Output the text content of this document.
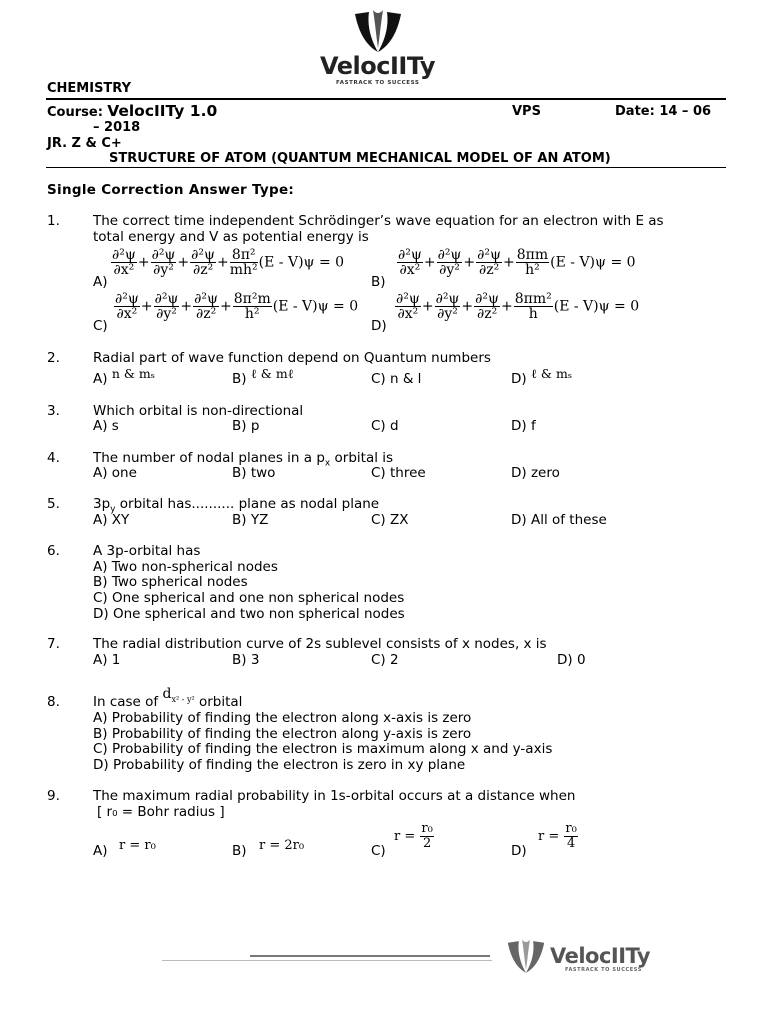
VelocIITy
FASTRACK TO SUCCESS
CHEMISTRY
Course: VelocIITy 1.0	VPS	Date: 14 – 06
– 2018
JR. Z & C+
STRUCTURE OF ATOM (QUANTUM MECHANICAL MODEL OF AN ATOM)
Single Correction Answer Type:
1. The correct time independent Schrödinger’s wave equation for an electron with E as
total energy and V as potential energy is
A)
$\frac{\text{∂²ψ}}{\text{∂x²}} + \frac{\text{∂²ψ}}{\text{∂y²}} + \frac{\text{∂²ψ}}{\text{∂z²}} + \frac{\text{8π²}}{\text{mh²}} (E - V)\psi = 0$
B)
$\frac{\text{∂²ψ}}{\text{∂x²}} + \frac{\text{∂²ψ}}{\text{∂y²}} + \frac{\text{∂²ψ}}{\text{∂z²}} + \frac{8\pi m}{\text{h²}} (E - V)\psi = 0$
C)
$\frac{\text{∂²ψ}}{\text{∂x²}} + \frac{\text{∂²ψ}}{\text{∂y²}} + \frac{\text{∂²ψ}}{\text{∂z²}} + \frac{\text{8π²m}}{\text{h²}} (E - V)\psi = 0$
D)
$\frac{\text{∂²ψ}}{\text{∂x²}} + \frac{\text{∂²ψ}}{\text{∂y²}} + \frac{\text{∂²ψ}}{\text{∂z²}} + \frac{\text{8πm²}}{h} (E - V)\psi = 0$
2. Radial part of wave function depend on Quantum numbers
A) n & mₛ	B) ℓ & mℓ	C) n & l	D) ℓ & mₛ
3. Which orbital is non-directional
A) s	B) p	C) d	D) f
4. The number of nodal planes in a $p_x$ orbital is
A) one	B) two	C) three	D) zero
5. $3p_y$ orbital has.......... plane as nodal plane
A) XY	B) YZ	C) ZX	D) All of these
6. A 3p-orbital has
A) Two non-spherical nodes
B) Two spherical nodes
C) One spherical and one non spherical nodes
D) One spherical and two non spherical nodes
7. The radial distribution curve of 2s sublevel consists of x nodes, x is
A) 1	B) 3	C) 2	D) 0
8. In case of $d_{x^2 - y^2}$ orbital
A) Probability of finding the electron along x-axis is zero
B) Probability of finding the electron along y-axis is zero
C) Probability of finding the electron is maximum along x and y-axis
D) Probability of finding the electron is zero in xy plane
9. The maximum radial probability in 1s-orbital occurs at a distance when
[ r₀ = Bohr radius ]
A) r = r₀	B) r = 2r₀	C)
$r = \frac{\text{r₀}}{2}$	D)
$r = \frac{\text{r₀}}{4}$
VelocIITy
FASTRACK TO SUCCESS
